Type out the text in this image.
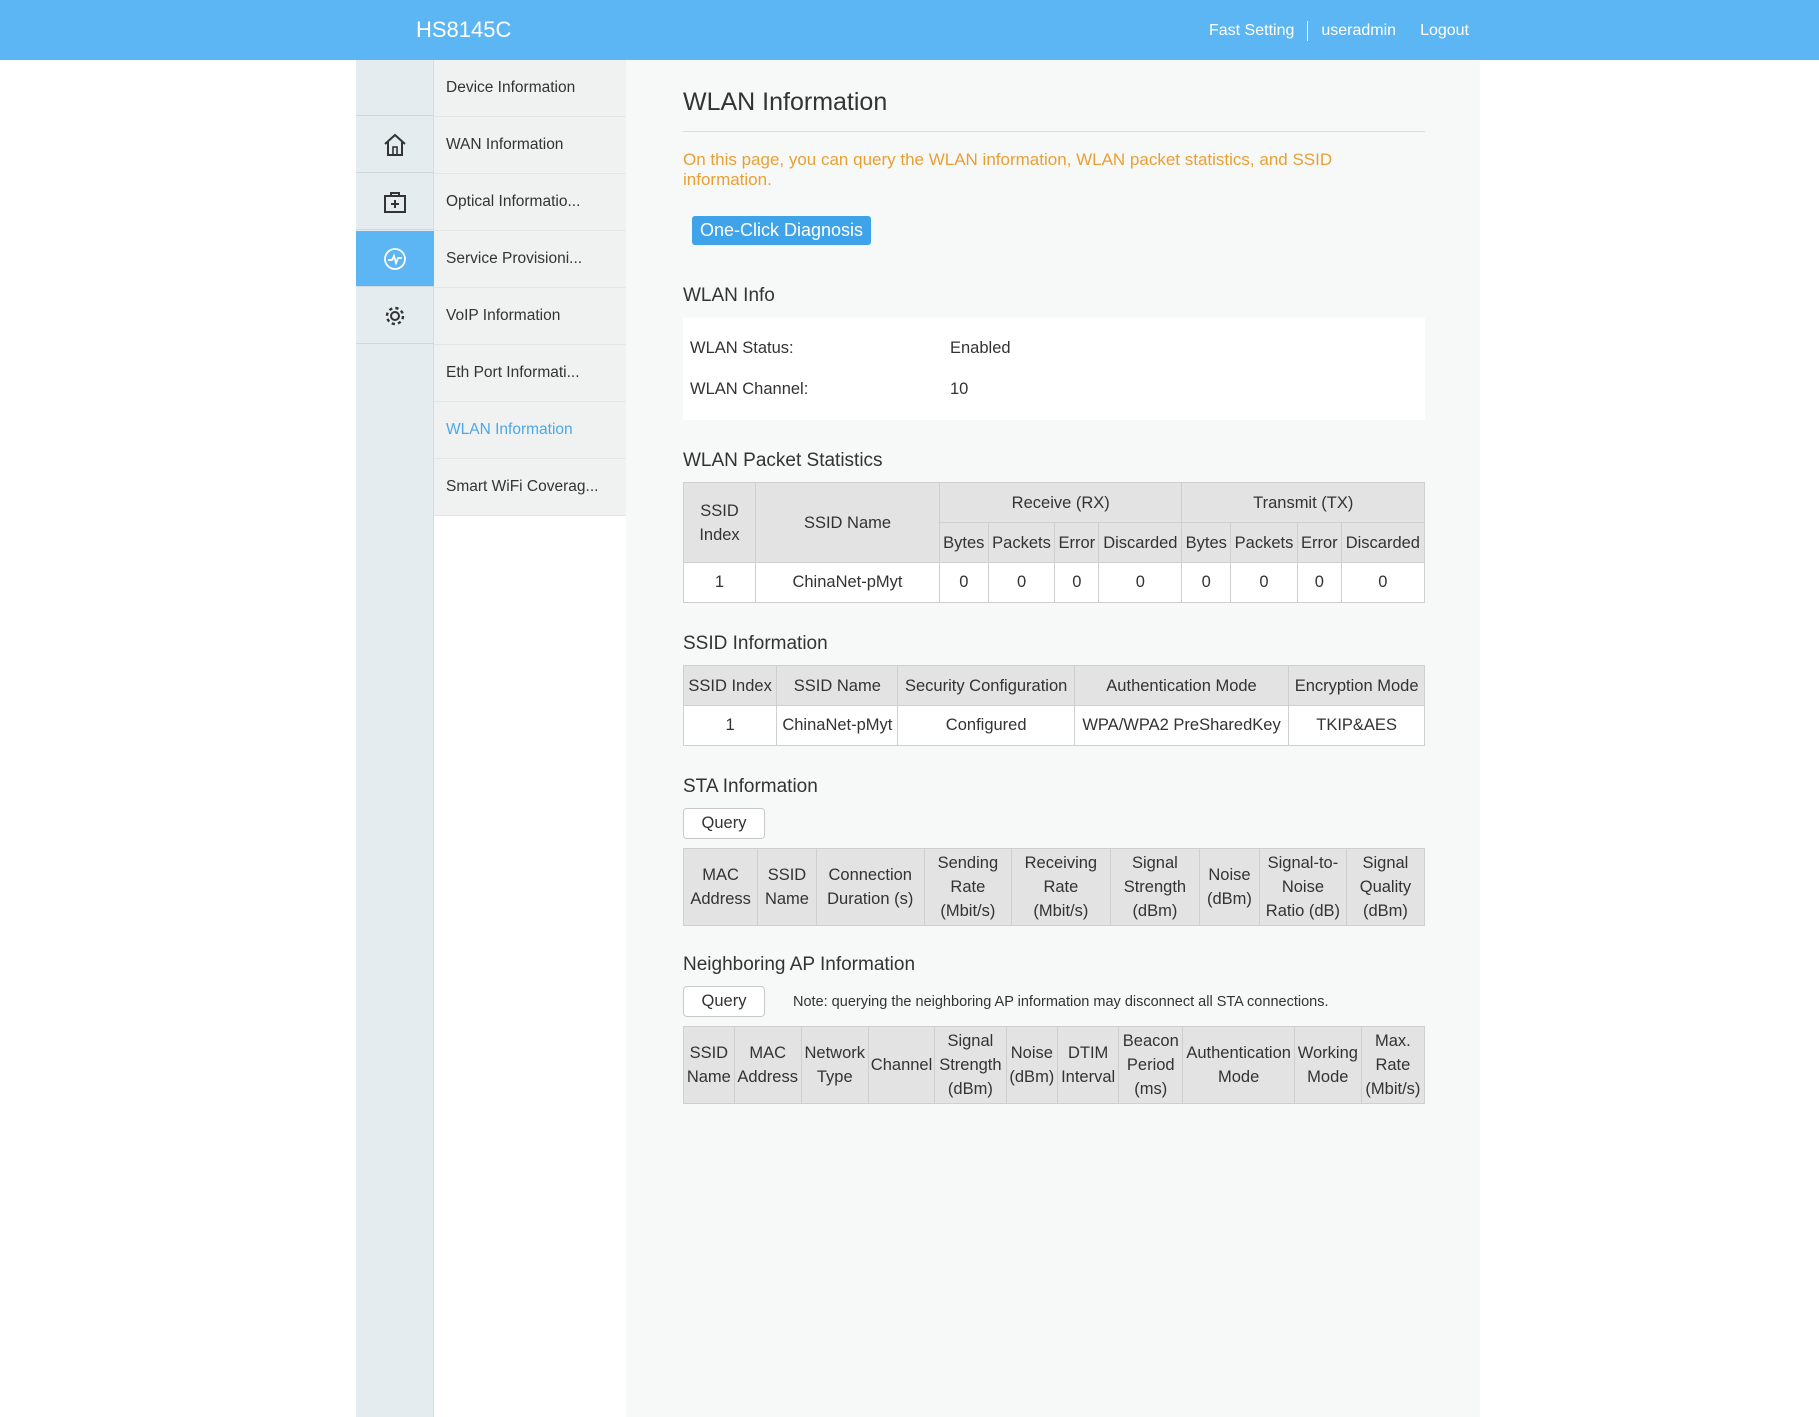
HS8145C	Fast Setting useradmin Logout
Device Information
WAN Information
Optical Informatio...
Service Provisioni...
VoIP Information
Eth Port Informati...
WLAN Information
Smart WiFi Coverag...
WLAN Information
On this page, you can query the WLAN information, WLAN packet statistics, and SSID information.
One-Click Diagnosis
WLAN Info
WLAN Status:	Enabled
WLAN Channel:	10
WLAN Packet Statistics
SSID Index	SSID Name	Receive (RX)				Transmit (TX)			
		Bytes	Packets	Error	Discarded	Bytes	Packets	Error	Discarded
1	ChinaNet-pMyt	0	0	0	0	0	0	0	0
SSID Information
SSID Index	SSID Name	Security Configuration	Authentication Mode	Encryption Mode
1	ChinaNet-pMyt	Configured	WPA/WPA2 PreSharedKey	TKIP&AES
STA Information
Query
MAC Address	SSID Name	Connection Duration (s)	Sending Rate (Mbit/s)	Receiving Rate (Mbit/s)	Signal Strength (dBm)	Noise (dBm)	Signal-to-Noise Ratio (dB)	Signal Quality (dBm)
Neighboring AP Information
Query	Note: querying the neighboring AP information may disconnect all STA connections.
SSID Name	MAC Address	Network Type	Channel	Signal Strength (dBm)	Noise (dBm)	DTIM Interval	Beacon Period (ms)	Authentication Mode	Working Mode	Max. Rate (Mbit/s)
